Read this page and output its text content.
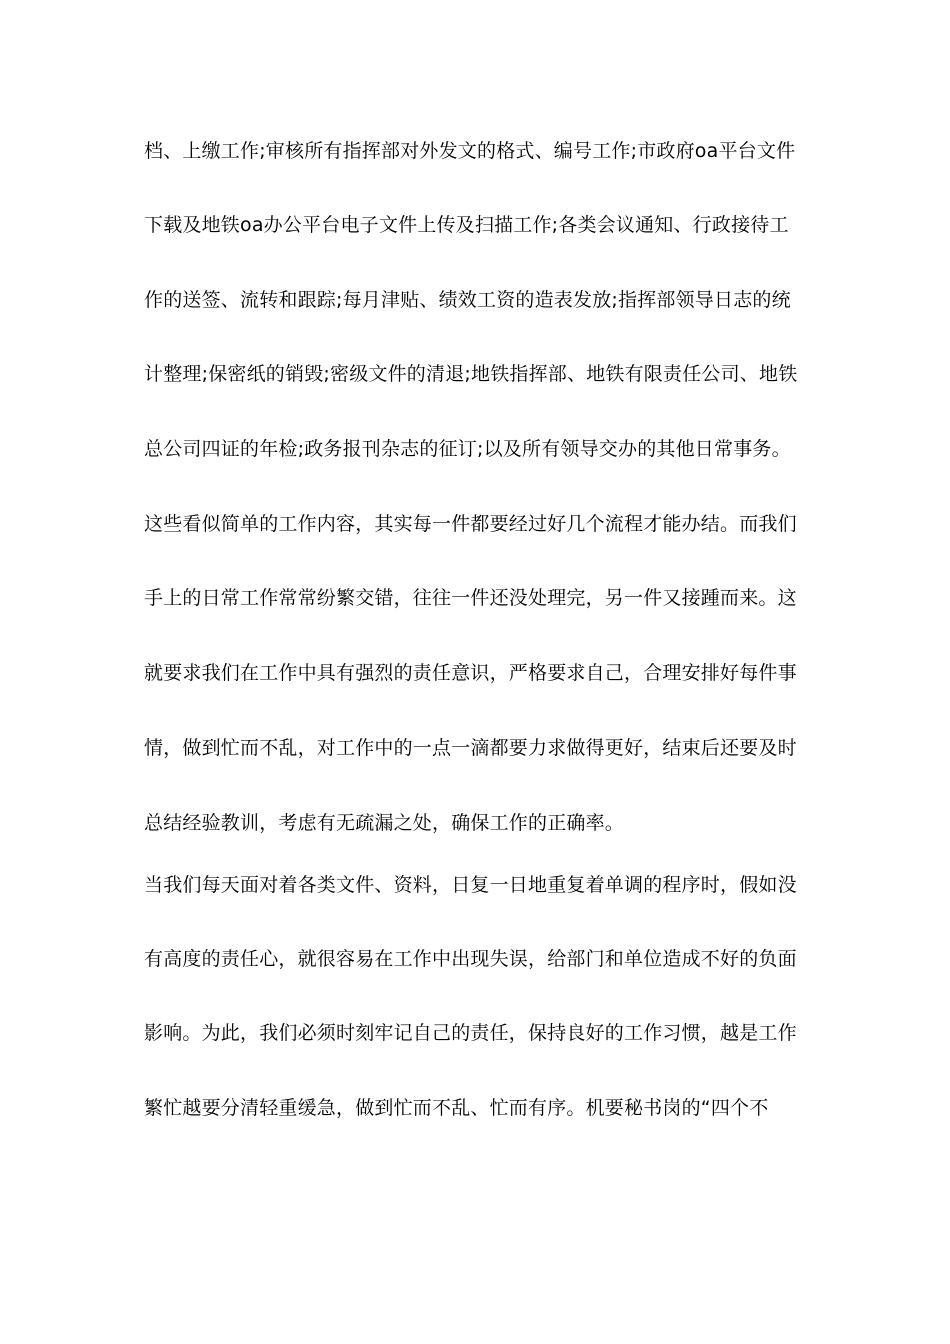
档、上缴工作;审核所有指挥部对外发文的格式、编号工作;市政府oa平台文件
下载及地铁oa办公平台电子文件上传及扫描工作;各类会议通知、行政接待工
作的送签、流转和跟踪;每月津贴、绩效工资的造表发放;指挥部领导日志的统
计整理;保密纸的销毁;密级文件的清退;地铁指挥部、地铁有限责任公司、地铁
总公司四证的年检;政务报刊杂志的征订;以及所有领导交办的其他日常事务。
这些看似简单的工作内容，其实每一件都要经过好几个流程才能办结。而我们
手上的日常工作常常纷繁交错，往往一件还没处理完，另一件又接踵而来。这
就要求我们在工作中具有强烈的责任意识，严格要求自己，合理安排好每件事
情，做到忙而不乱，对工作中的一点一滴都要力求做得更好，结束后还要及时
总结经验教训，考虑有无疏漏之处，确保工作的正确率。
当我们每天面对着各类文件、资料，日复一日地重复着单调的程序时，假如没
有高度的责任心，就很容易在工作中出现失误，给部门和单位造成不好的负面
影响。为此，我们必须时刻牢记自己的责任，保持良好的工作习惯，越是工作
繁忙越要分清轻重缓急，做到忙而不乱、忙而有序。机要秘书岗的“四个不
